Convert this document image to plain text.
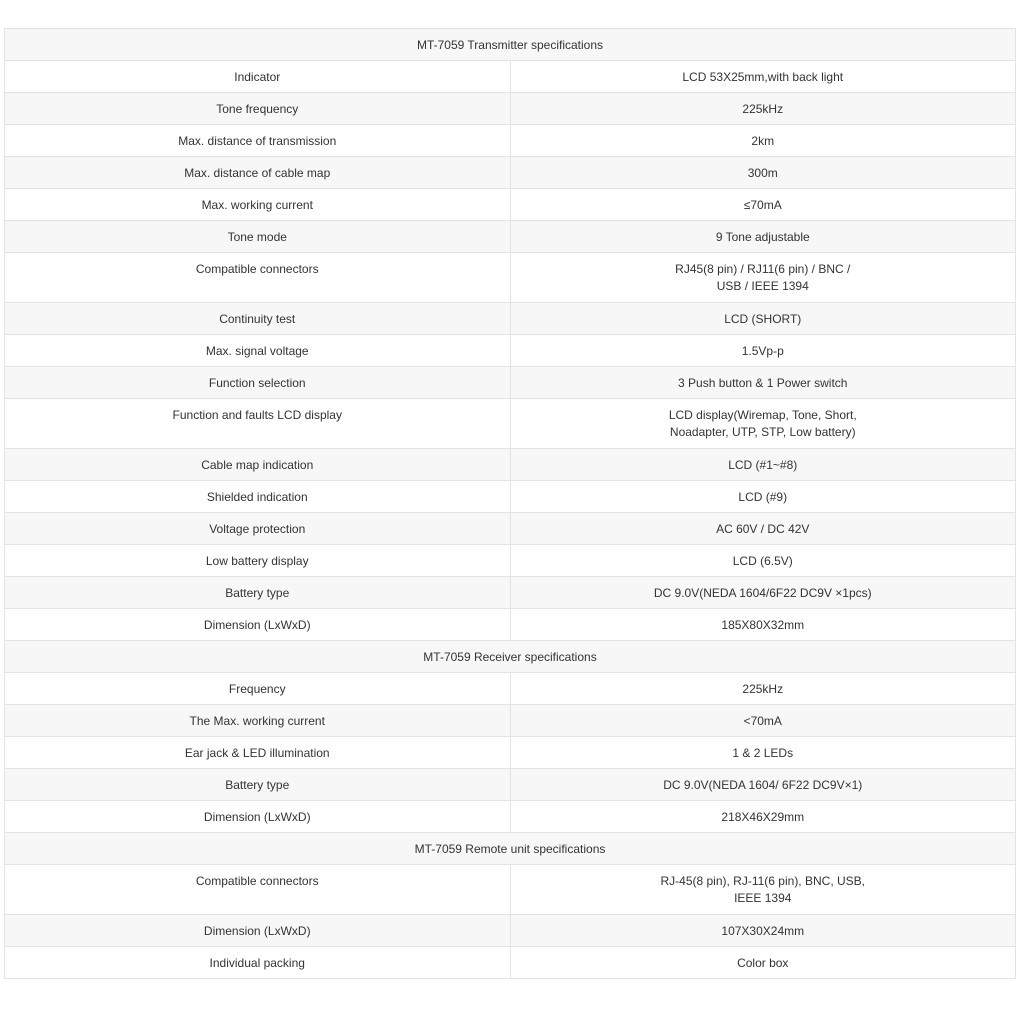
MT-7059 Transmitter specifications	
Indicator	LCD 53X25mm,with back light
Tone frequency	225kHz
Max. distance of transmission	2km
Max. distance of cable map	300m
Max. working current	≤70mA
Tone mode	9 Tone adjustable
Compatible connectors	RJ45(8 pin) / RJ11(6 pin) / BNC /
USB / IEEE 1394

Continuity test	LCD (SHORT)
Max. signal voltage	1.5Vp-p
Function selection	3 Push button & 1 Power switch
Function and faults LCD display	LCD display(Wiremap, Tone, Short,
Noadapter, UTP, STP, Low battery)

Cable map indication	LCD (#1~#8)
Shielded indication	LCD (#9)
Voltage protection	AC 60V / DC 42V
Low battery display	LCD (6.5V)
Battery type	DC 9.0V(NEDA 1604/6F22 DC9V ×1pcs)
Dimension (LxWxD)	185X80X32mm
MT-7059 Receiver specifications	
Frequency	225kHz
The Max. working current	<70mA
Ear jack & LED illumination	1 & 2 LEDs
Battery type	DC 9.0V(NEDA 1604/ 6F22 DC9V×1)
Dimension (LxWxD)	218X46X29mm
MT-7059 Remote unit specifications	
Compatible connectors	RJ-45(8 pin), RJ-11(6 pin), BNC, USB,
IEEE 1394

Dimension (LxWxD)	107X30X24mm
Individual packing	Color box
